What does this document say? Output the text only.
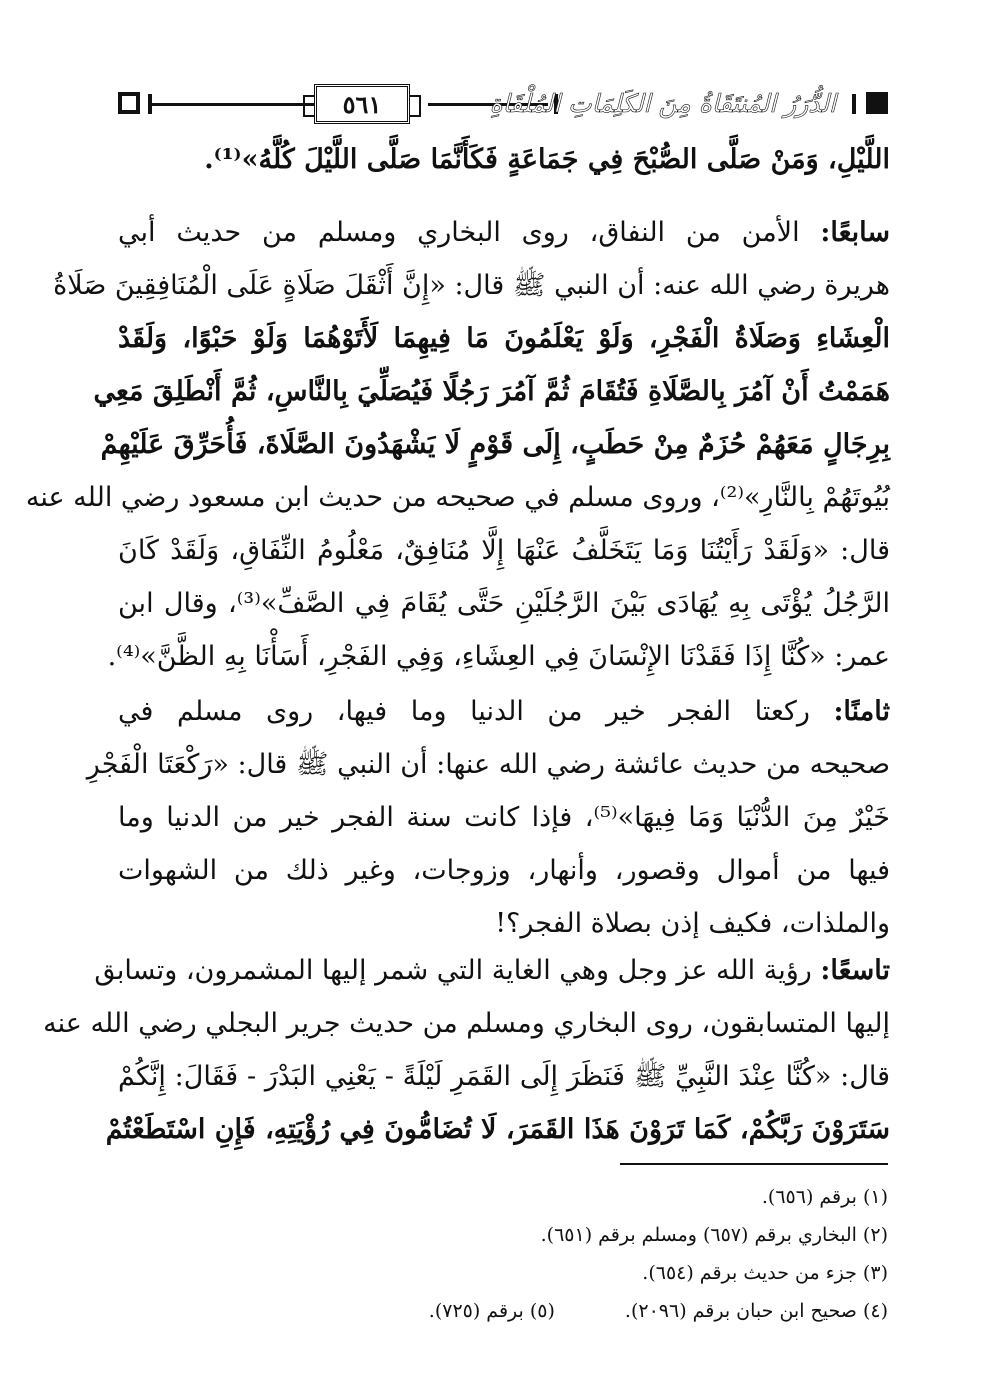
٥٦١	الدُّرَرُ المُنتَقَاةُ مِنَ الكَلِمَاتِ المُلْقَاةِ
اللَّيْلِ، وَمَنْ صَلَّى الصُّبْحَ فِي جَمَاعَةٍ فَكَأَنَّمَا صَلَّى اللَّيْلَ كُلَّهُ»⁽¹⁾.
سابعًا: الأمن من النفاق، روى البخاري ومسلم من حديث أبي
هريرة رضي الله عنه: أن النبي ﷺ قال: «إِنَّ أَثْقَلَ صَلَاةٍ عَلَى الْمُنَافِقِينَ صَلَاةُ
الْعِشَاءِ وَصَلَاةُ الْفَجْرِ، وَلَوْ يَعْلَمُونَ مَا فِيهِمَا لَأَتَوْهُمَا وَلَوْ حَبْوًا، وَلَقَدْ
هَمَمْتُ أَنْ آمُرَ بِالصَّلَاةِ فَتُقَامَ ثُمَّ آمُرَ رَجُلًا فَيُصَلِّيَ بِالنَّاسِ، ثُمَّ أَنْطَلِقَ مَعِي
بِرِجَالٍ مَعَهُمْ حُزَمٌ مِنْ حَطَبٍ، إِلَى قَوْمٍ لَا يَشْهَدُونَ الصَّلَاةَ، فَأُحَرِّقَ عَلَيْهِمْ
بُيُوتَهُمْ بِالنَّارِ»⁽²⁾، وروى مسلم في صحيحه من حديث ابن مسعود رضي الله عنه
قال: «وَلَقَدْ رَأَيْتُنَا وَمَا يَتَخَلَّفُ عَنْهَا إِلَّا مُنَافِقٌ، مَعْلُومُ النِّفَاقِ، وَلَقَدْ كَانَ
الرَّجُلُ يُؤْتَى بِهِ يُهَادَى بَيْنَ الرَّجُلَيْنِ حَتَّى يُقَامَ فِي الصَّفِّ»⁽³⁾، وقال ابن
عمر: «كُنَّا إِذَا فَقَدْنَا الإِنْسَانَ فِي العِشَاءِ، وَفِي الفَجْرِ، أَسَأْنَا بِهِ الظَّنَّ»⁽⁴⁾.
ثامنًا: ركعتا الفجر خير من الدنيا وما فيها، روى مسلم في
صحيحه من حديث عائشة رضي الله عنها: أن النبي ﷺ قال: «رَكْعَتَا الْفَجْرِ
خَيْرٌ مِنَ الدُّنْيَا وَمَا فِيهَا»⁽⁵⁾، فإذا كانت سنة الفجر خير من الدنيا وما
فيها من أموال وقصور، وأنهار، وزوجات، وغير ذلك من الشهوات
والملذات، فكيف إذن بصلاة الفجر؟!
تاسعًا: رؤية الله عز وجل وهي الغاية التي شمر إليها المشمرون، وتسابق
إليها المتسابقون، روى البخاري ومسلم من حديث جرير البجلي رضي الله عنه
قال: «كُنَّا عِنْدَ النَّبِيِّ ﷺ فَنَظَرَ إِلَى القَمَرِ لَيْلَةً - يَعْنِي البَدْرَ - فَقَالَ: إِنَّكُمْ
سَتَرَوْنَ رَبَّكُمْ، كَمَا تَرَوْنَ هَذَا القَمَرَ، لَا تُضَامُّونَ فِي رُؤْيَتِهِ، فَإِنِ اسْتَطَعْتُمْ
(١) برقم (٦٥٦).
(٢) البخاري برقم (٦٥٧) ومسلم برقم (٦٥١).
(٣) جزء من حديث برقم (٦٥٤).
(٤) صحيح ابن حبان برقم (٢٠٩٦).
(٥) برقم (٧٢٥).
